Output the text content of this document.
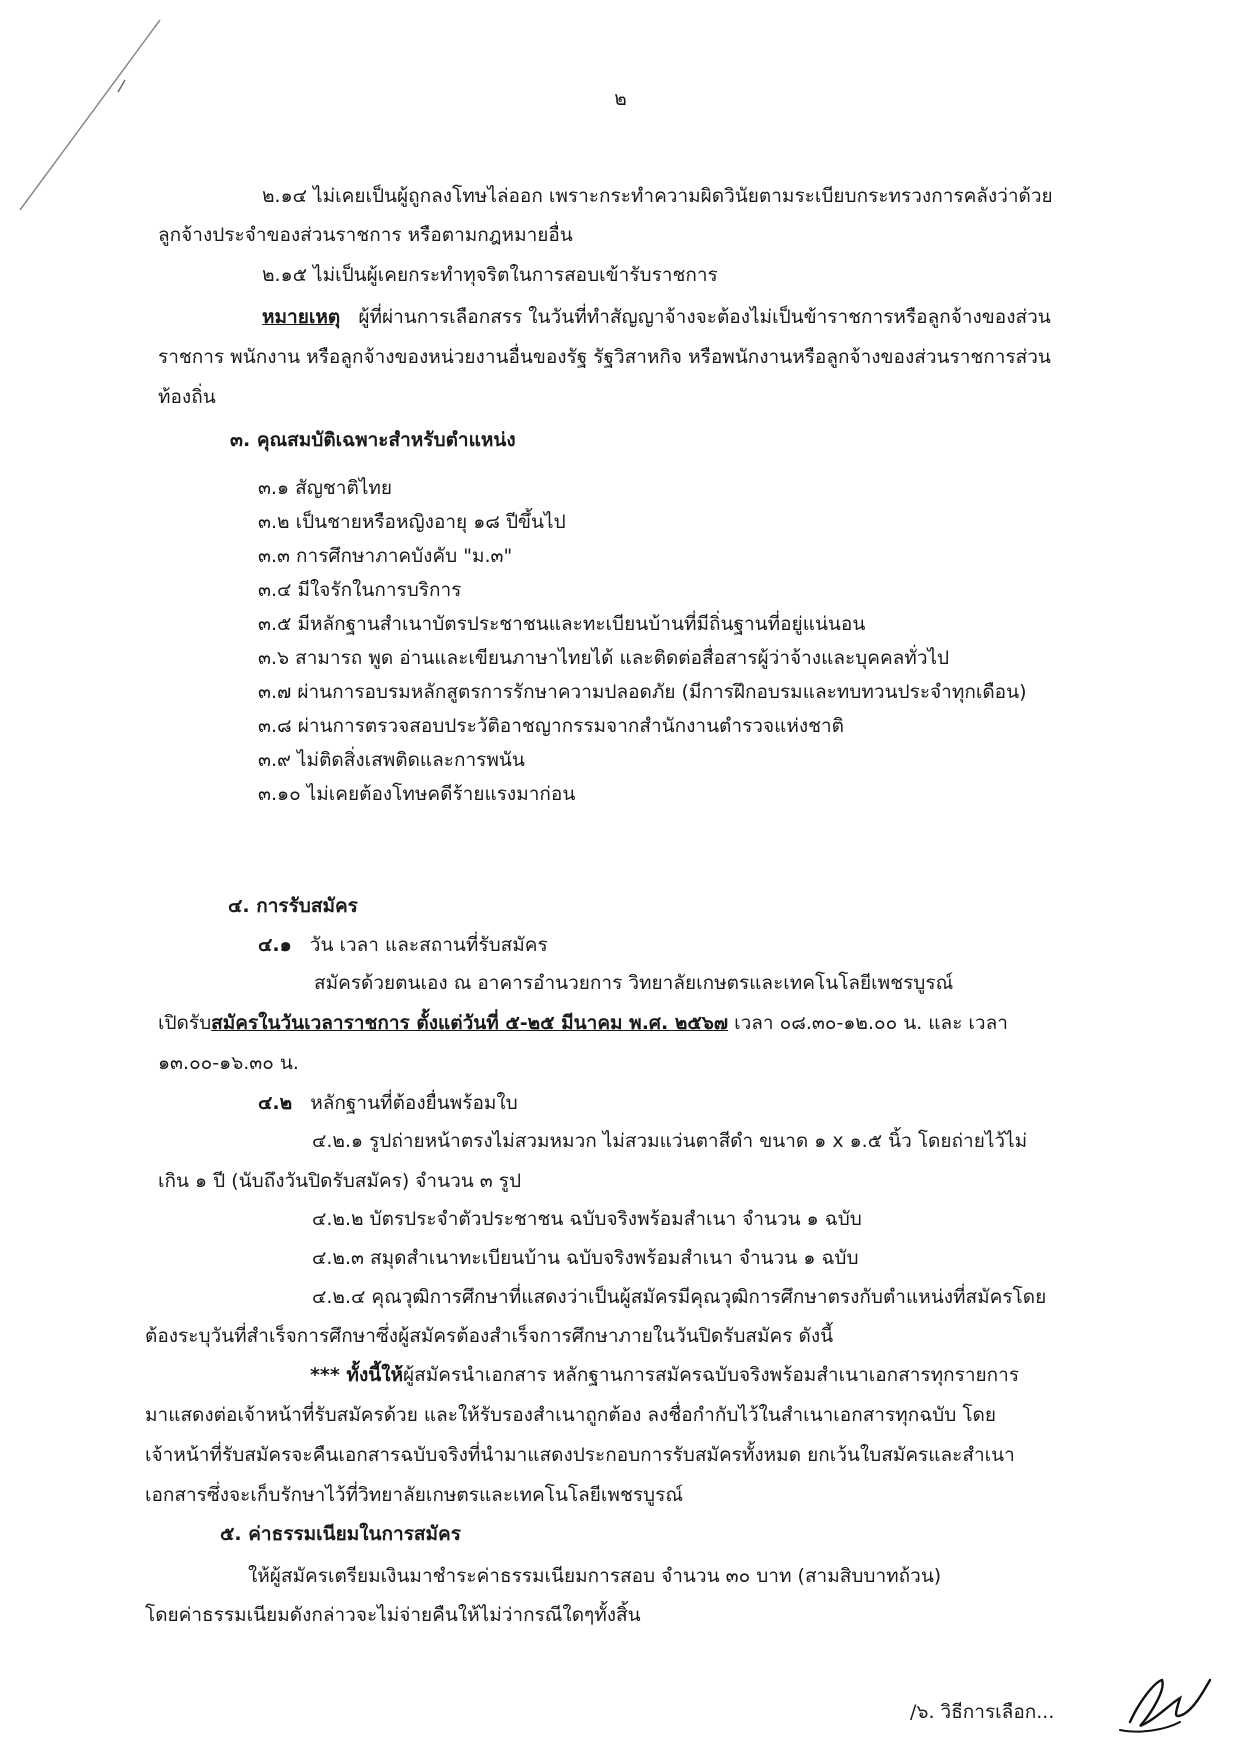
๒
๒.๑๔ ไม่เคยเป็นผู้ถูกลงโทษไล่ออก เพราะกระทำความผิดวินัยตามระเบียบกระทรวงการคลังว่าด้วย
ลูกจ้างประจำของส่วนราชการ หรือตามกฎหมายอื่น
๒.๑๕ ไม่เป็นผู้เคยกระทำทุจริตในการสอบเข้ารับราชการ
หมายเหตุ ผู้ที่ผ่านการเลือกสรร ในวันที่ทำสัญญาจ้างจะต้องไม่เป็นข้าราชการหรือลูกจ้างของส่วน
ราชการ พนักงาน หรือลูกจ้างของหน่วยงานอื่นของรัฐ รัฐวิสาหกิจ หรือพนักงานหรือลูกจ้างของส่วนราชการส่วน
ท้องถิ่น
๓. คุณสมบัติเฉพาะสำหรับตำแหน่ง
๓.๑ สัญชาติไทย
๓.๒ เป็นชายหรือหญิงอายุ ๑๘ ปีขึ้นไป
๓.๓ การศึกษาภาคบังคับ "ม.๓"
๓.๔ มีใจรักในการบริการ
๓.๕ มีหลักฐานสำเนาบัตรประชาชนและทะเบียนบ้านที่มีถิ่นฐานที่อยู่แน่นอน
๓.๖ สามารถ พูด อ่านและเขียนภาษาไทยได้ และติดต่อสื่อสารผู้ว่าจ้างและบุคคลทั่วไป
๓.๗ ผ่านการอบรมหลักสูตรการรักษาความปลอดภัย (มีการฝึกอบรมและทบทวนประจำทุกเดือน)
๓.๘ ผ่านการตรวจสอบประวัติอาชญากรรมจากสำนักงานตำรวจแห่งชาติ
๓.๙ ไม่ติดสิ่งเสพติดและการพนัน
๓.๑๐ ไม่เคยต้องโทษคดีร้ายแรงมาก่อน
๔. การรับสมัคร
๔.๑ วัน เวลา และสถานที่รับสมัคร
สมัครด้วยตนเอง ณ อาคารอำนวยการ วิทยาลัยเกษตรและเทคโนโลยีเพชรบูรณ์
เปิดรับสมัครในวันเวลาราชการ ตั้งแต่วันที่ ๕-๒๕ มีนาคม พ.ศ. ๒๕๖๗ เวลา ๐๘.๓๐-๑๒.๐๐ น. และ เวลา
๑๓.๐๐-๑๖.๓๐ น.
๔.๒ หลักฐานที่ต้องยื่นพร้อมใบ
๔.๒.๑ รูปถ่ายหน้าตรงไม่สวมหมวก ไม่สวมแว่นตาสีดำ ขนาด ๑ x ๑.๕ นิ้ว โดยถ่ายไว้ไม่
เกิน ๑ ปี (นับถึงวันปิดรับสมัคร) จำนวน ๓ รูป
๔.๒.๒ บัตรประจำตัวประชาชน ฉบับจริงพร้อมสำเนา จำนวน ๑ ฉบับ
๔.๒.๓ สมุดสำเนาทะเบียนบ้าน ฉบับจริงพร้อมสำเนา จำนวน ๑ ฉบับ
๔.๒.๔ คุณวุฒิการศึกษาที่แสดงว่าเป็นผู้สมัครมีคุณวุฒิการศึกษาตรงกับตำแหน่งที่สมัครโดย
ต้องระบุวันที่สำเร็จการศึกษาซึ่งผู้สมัครต้องสำเร็จการศึกษาภายในวันปิดรับสมัคร ดังนี้
*** ทั้งนี้ให้ผู้สมัครนำเอกสาร หลักฐานการสมัครฉบับจริงพร้อมสำเนาเอกสารทุกรายการ
มาแสดงต่อเจ้าหน้าที่รับสมัครด้วย และให้รับรองสำเนาถูกต้อง ลงชื่อกำกับไว้ในสำเนาเอกสารทุกฉบับ โดย
เจ้าหน้าที่รับสมัครจะคืนเอกสารฉบับจริงที่นำมาแสดงประกอบการรับสมัครทั้งหมด ยกเว้นใบสมัครและสำเนา
เอกสารซึ่งจะเก็บรักษาไว้ที่วิทยาลัยเกษตรและเทคโนโลยีเพชรบูรณ์
๕. ค่าธรรมเนียมในการสมัคร
ให้ผู้สมัครเตรียมเงินมาชำระค่าธรรมเนียมการสอบ จำนวน ๓๐ บาท (สามสิบบาทถ้วน)
โดยค่าธรรมเนียมดังกล่าวจะไม่จ่ายคืนให้ไม่ว่ากรณีใดๆทั้งสิ้น
/๖. วิธีการเลือก...
